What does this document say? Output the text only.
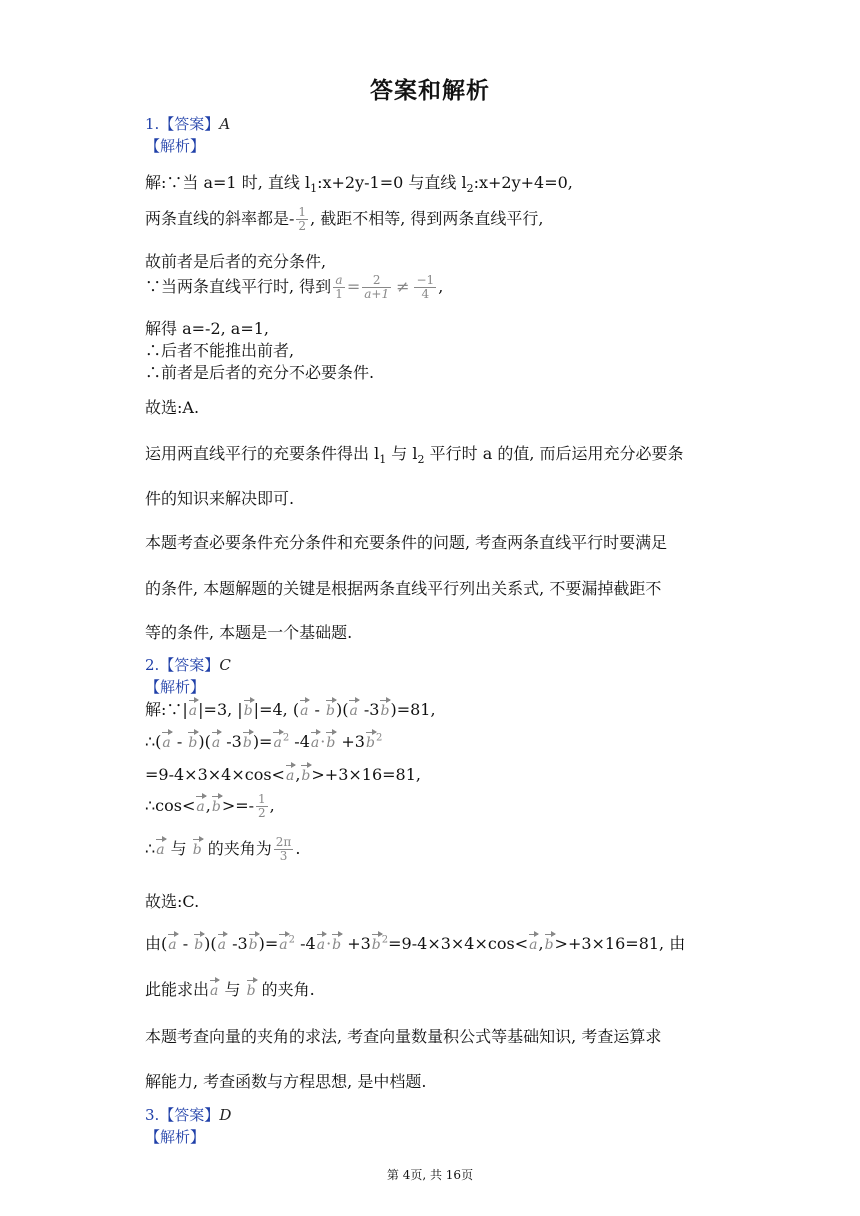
答案和解析
1.【答案】A
【解析】
解:∵当 a=1 时, 直线 $l_1:x+2y-1=0$ 与直线 $l_2:x+2y+4=0$,
两条直线的斜率都是- $\frac{1}{2}$ , 截距不相等, 得到两条直线平行,
故前者是后者的充分条件,
∵当两条直线平行时, 得到 $\frac{a}{1} = \frac{2}{a+1} \ne \frac{-1}{4}$ ,
解得 a=-2, a=1,
∴后者不能推出前者,
∴前者是后者的充分不必要条件.
故选:A.
运用两直线平行的充要条件得出 $l_1$ 与 $l_2$ 平行时 a 的值, 而后运用充分必要条
件的知识来解决即可.
本题考查必要条件充分条件和充要条件的问题, 考查两条直线平行时要满足
的条件, 本题解题的关键是根据两条直线平行列出关系式, 不要漏掉截距不
等的条件, 本题是一个基础题.
2.【答案】C
【解析】
解:∵|a|=3, |b|=4, (a - b)(a -3b)=81,
∴(a - b)(a $-3b)=a^2$ $-4a\cdot b +3b^2$
=9-4×3×4×cos<a,b>+3×16=81,
∴cos<a,b>=- $\frac{1}{2}$ ,
∴a 与 b 的夹角为 $\frac{2\pi}{3}$ .
故选:C.
由(a - b)(a $-3b)=a^2$ $-4a\cdot b +3b^2=9-4\times 3\times 4\times\cos<a,b>+3\times 16=81$, 由
此能求出a 与 b 的夹角.
本题考查向量的夹角的求法, 考查向量数量积公式等基础知识, 考查运算求
解能力, 考查函数与方程思想, 是中档题.
3.【答案】D
【解析】
第 4页, 共 16页
